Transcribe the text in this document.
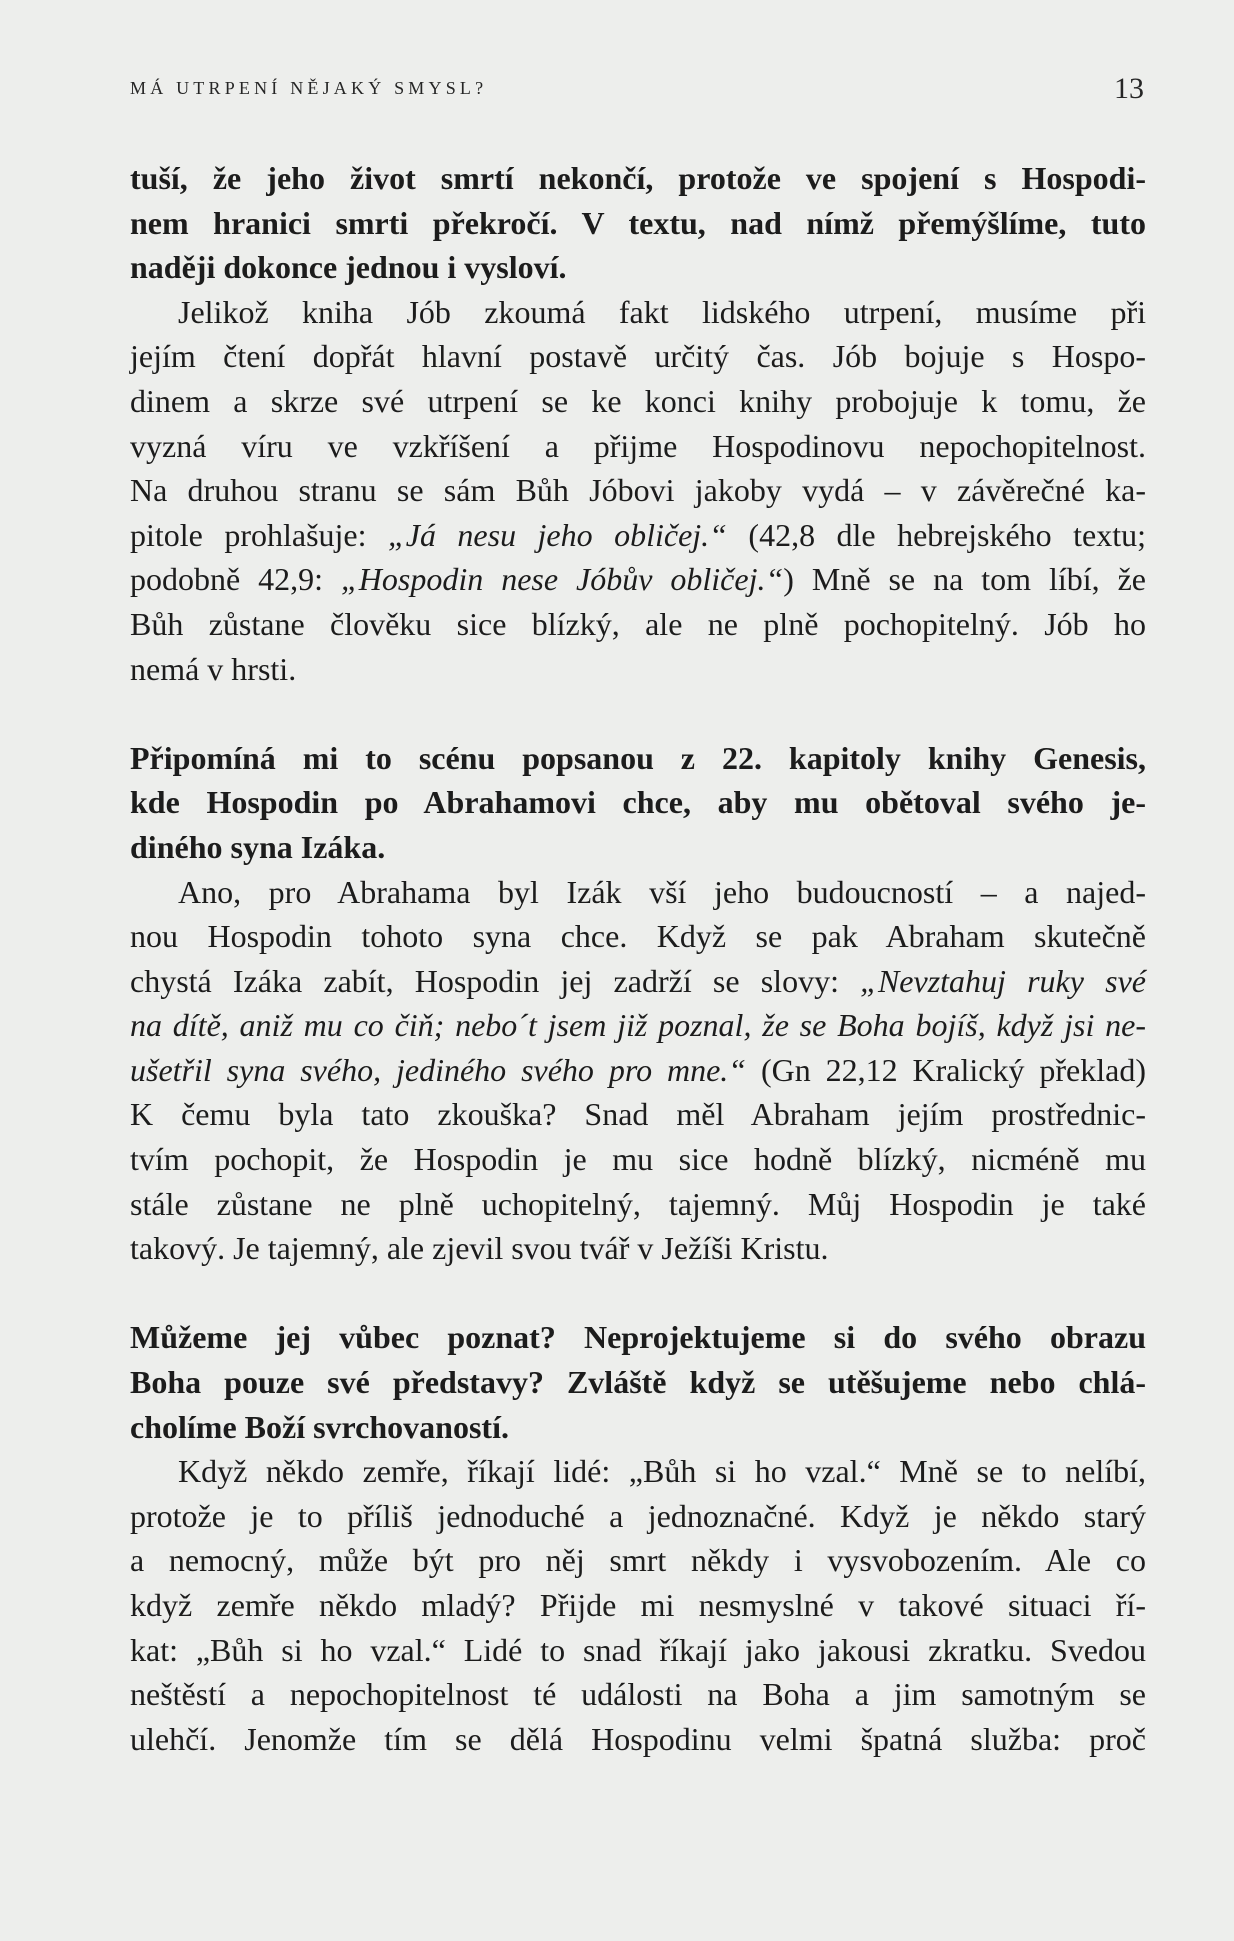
MÁ UTRPENÍ NĚJAKÝ SMYSL?	13
tuší, že jeho život smrtí nekončí, protože ve spojení s Hospodi-
nem hranici smrti překročí. V textu, nad nímž přemýšlíme, tuto
naději dokonce jednou i vysloví.
Jelikož kniha Jób zkoumá fakt lidského utrpení, musíme při
jejím čtení dopřát hlavní postavě určitý čas. Jób bojuje s Hospo-
dinem a skrze své utrpení se ke konci knihy probojuje k tomu, že
vyzná víru ve vzkříšení a přijme Hospodinovu nepochopitelnost.
Na druhou stranu se sám Bůh Jóbovi jakoby vydá – v závěrečné ka-
pitole prohlašuje: „Já nesu jeho obličej.“ (42,8 dle hebrejského textu;
podobně 42,9: „Hospodin nese Jóbův obličej.“) Mně se na tom líbí, že
Bůh zůstane člověku sice blízký, ale ne plně pochopitelný. Jób ho
nemá v hrsti.
Připomíná mi to scénu popsanou z 22. kapitoly knihy Genesis,
kde Hospodin po Abrahamovi chce, aby mu obětoval svého je-
diného syna Izáka.
Ano, pro Abrahama byl Izák vší jeho budoucností – a najed-
nou Hospodin tohoto syna chce. Když se pak Abraham skutečně
chystá Izáka zabít, Hospodin jej zadrží se slovy: „Nevztahuj ruky své
na dítě, aniž mu co čiň; nebo´t jsem již poznal, že se Boha bojíš, když jsi ne-
ušetřil syna svého, jediného svého pro mne.“ (Gn 22,12 Kralický překlad)
K čemu byla tato zkouška? Snad měl Abraham jejím prostřednic-
tvím pochopit, že Hospodin je mu sice hodně blízký, nicméně mu
stále zůstane ne plně uchopitelný, tajemný. Můj Hospodin je také
takový. Je tajemný, ale zjevil svou tvář v Ježíši Kristu.
Můžeme jej vůbec poznat? Neprojektujeme si do svého obrazu
Boha pouze své představy? Zvláště když se utěšujeme nebo chlá-
cholíme Boží svrchovaností.
Když někdo zemře, říkají lidé: „Bůh si ho vzal.“ Mně se to nelíbí,
protože je to příliš jednoduché a jednoznačné. Když je někdo starý
a nemocný, může být pro něj smrt někdy i vysvobozením. Ale co
když zemře někdo mladý? Přijde mi nesmyslné v takové situaci ří-
kat: „Bůh si ho vzal.“ Lidé to snad říkají jako jakousi zkratku. Svedou
neštěstí a nepochopitelnost té události na Boha a jim samotným se
ulehčí. Jenomže tím se dělá Hospodinu velmi špatná služba: proč
